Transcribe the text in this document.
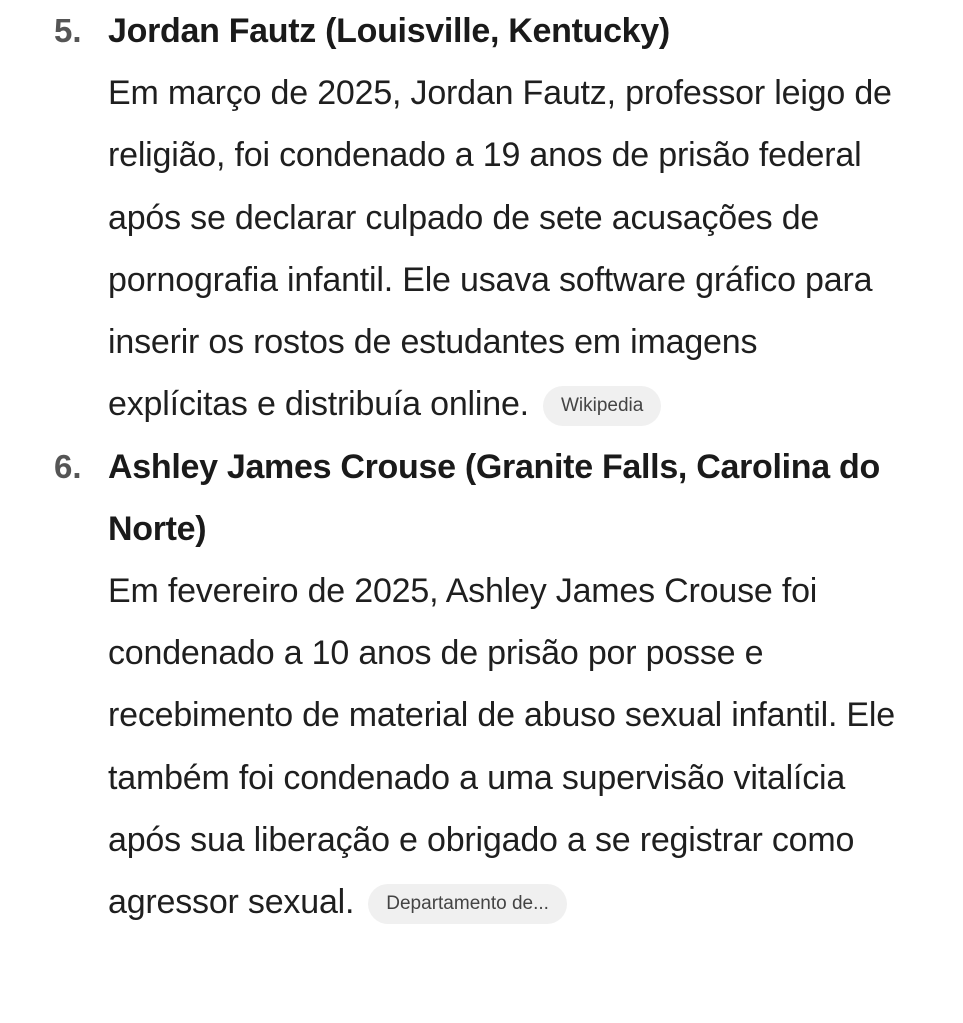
5. Jordan Fautz (Louisville, Kentucky)
Em março de 2025, Jordan Fautz, professor leigo de religião, foi condenado a 19 anos de prisão federal após se declarar culpado de sete acusações de pornografia infantil. Ele usava software gráfico para inserir os rostos de estudantes em imagens explícitas e distribuía online. Wikipedia
6. Ashley James Crouse (Granite Falls, Carolina do Norte)
Em fevereiro de 2025, Ashley James Crouse foi condenado a 10 anos de prisão por posse e recebimento de material de abuso sexual infantil. Ele também foi condenado a uma supervisão vitalícia após sua liberação e obrigado a se registrar como agressor sexual. Departamento de...
